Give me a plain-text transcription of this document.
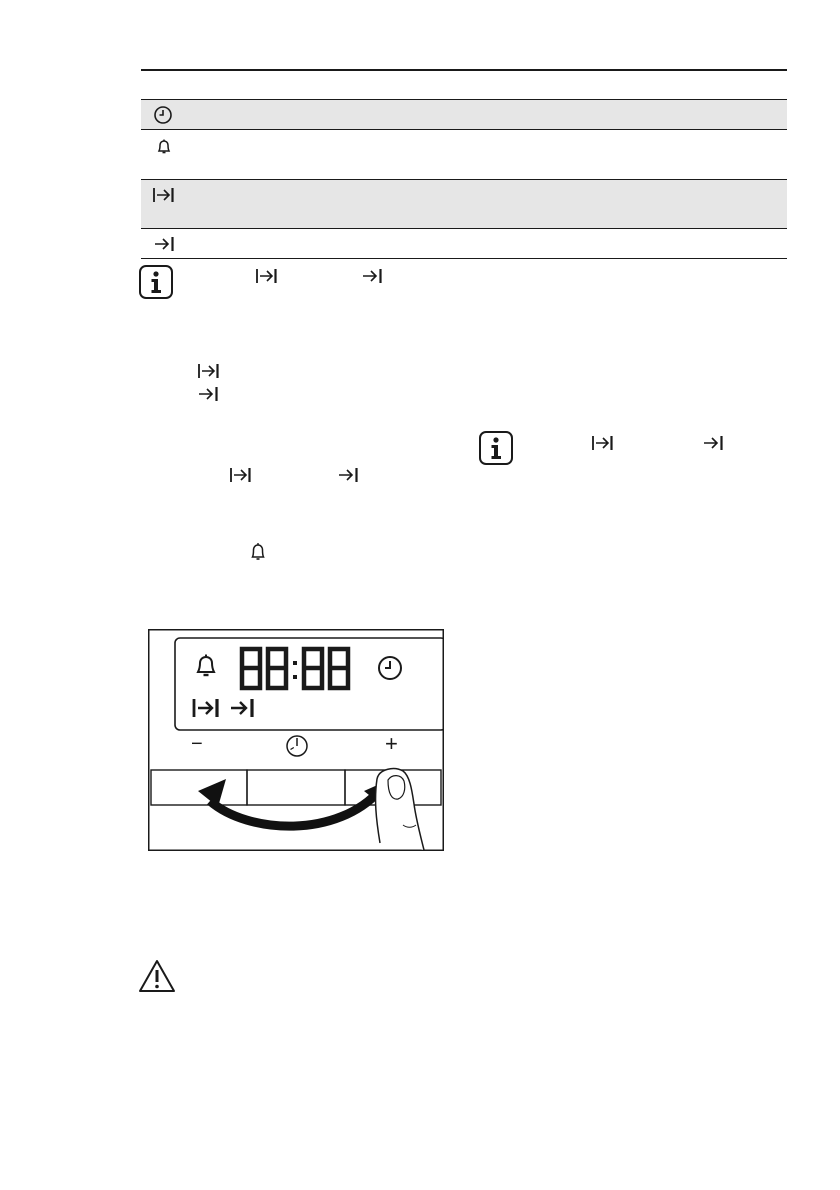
−	+
